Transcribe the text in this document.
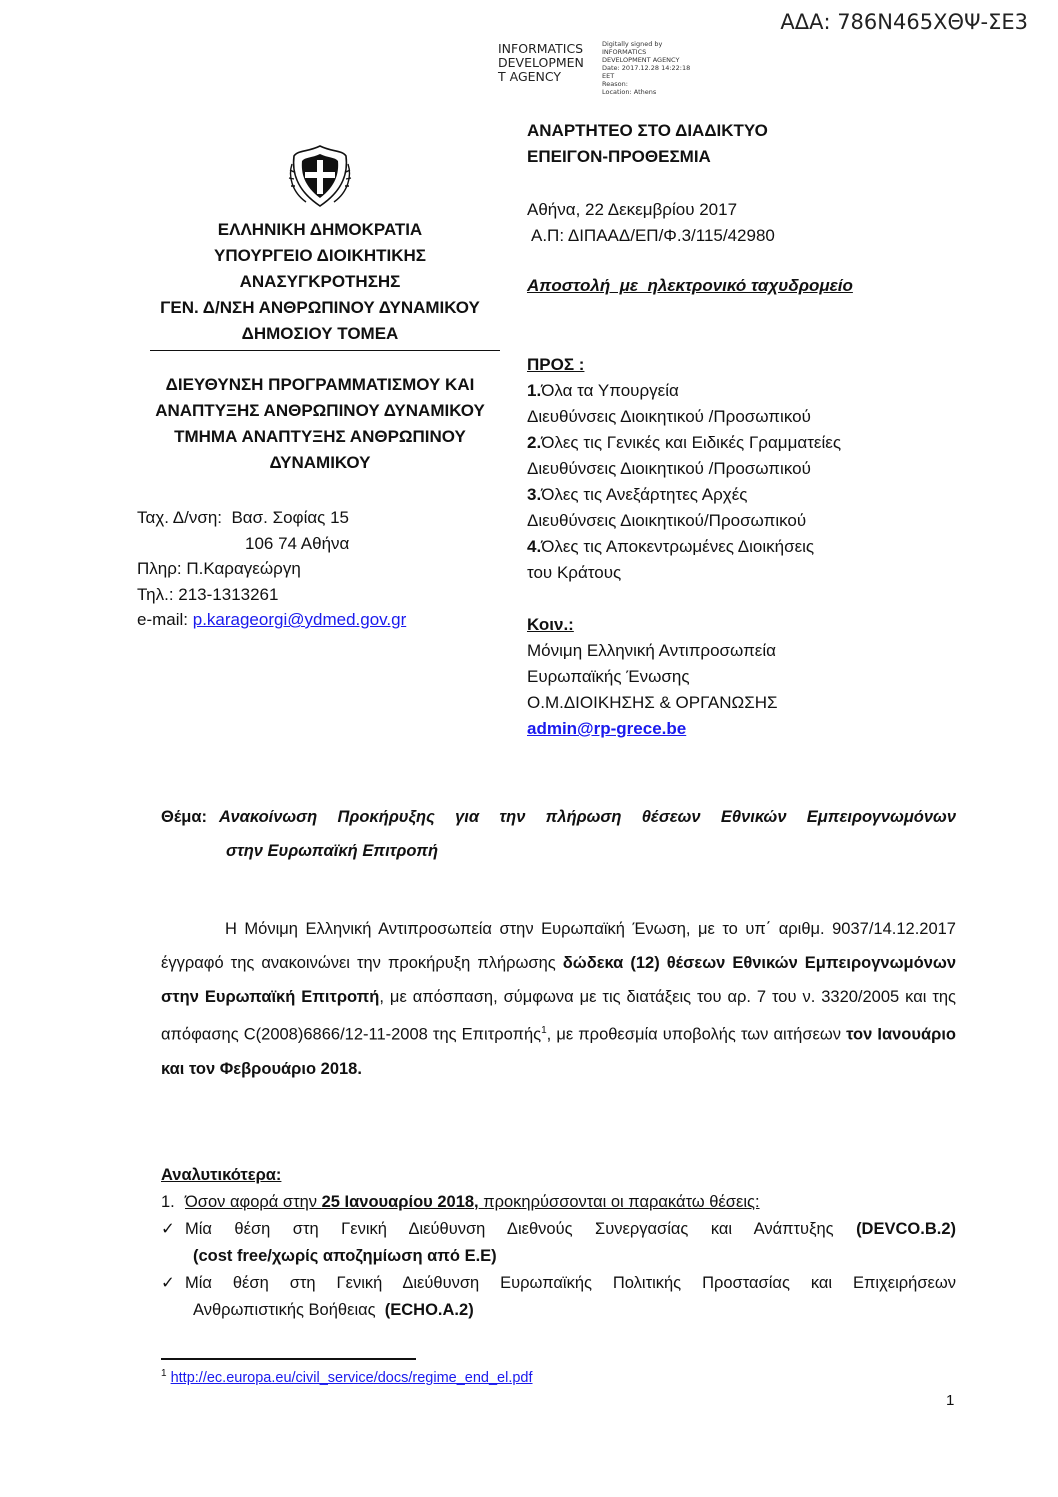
ΑΔΑ: 786Ν465ΧΘΨ-ΣΕ3
INFORMATICS
DEVELOPMEN
T AGENCY
Digitally signed by
INFORMATICS
DEVELOPMENT AGENCY
Date: 2017.12.28 14:22:18
EET
Reason:
Location: Athens
ΕΛΛΗΝΙΚΗ ΔΗΜΟΚΡΑΤΙΑ
ΥΠΟΥΡΓΕΙΟ ΔΙΟΙΚΗΤΙΚΗΣ
ΑΝΑΣΥΓΚΡΟΤΗΣΗΣ
ΓΕΝ. Δ/ΝΣΗ ΑΝΘΡΩΠΙΝΟΥ ΔΥΝΑΜΙΚΟΥ
ΔΗΜΟΣΙΟΥ ΤΟΜΕΑ
ΔΙΕΥΘΥΝΣΗ ΠΡΟΓΡΑΜΜΑΤΙΣΜΟΥ ΚΑΙ
ΑΝΑΠΤΥΞΗΣ ΑΝΘΡΩΠΙΝΟΥ ΔΥΝΑΜΙΚΟΥ
ΤΜΗΜΑ ΑΝΑΠΤΥΞΗΣ ΑΝΘΡΩΠΙΝΟΥ
ΔΥΝΑΜΙΚΟΥ
Ταχ. Δ/νση:  Βασ. Σοφίας 15
106 74 Αθήνα
Πληρ: Π.Καραγεώργη
Τηλ.: 213-1313261
e-mail: p.karageorgi@ydmed.gov.gr
ΑΝΑΡΤΗΤΕΟ ΣΤΟ ΔΙΑΔΙΚΤΥΟ
ΕΠΕΙΓΟΝ-ΠΡΟΘΕΣΜΙΑ
Αθήνα, 22 Δεκεμβρίου 2017
Α.Π: ΔΙΠΑΑΔ/ΕΠ/Φ.3/115/42980
Αποστολή  με  ηλεκτρονικό ταχυδρομείο
ΠΡΟΣ :
1.Όλα τα Υπουργεία
Διευθύνσεις Διοικητικού /Προσωπικού
2.Όλες τις Γενικές και Ειδικές Γραμματείες
Διευθύνσεις Διοικητικού /Προσωπικού
3.Όλες τις Ανεξάρτητες Αρχές
Διευθύνσεις Διοικητικού/Προσωπικού
4.Όλες τις Αποκεντρωμένες Διοικήσεις
του Κράτους
Κοιν.:
Μόνιμη Ελληνική Αντιπροσωπεία
Ευρωπαϊκής Ένωσης
Ο.Μ.ΔΙΟΙΚΗΣΗΣ & ΟΡΓΑΝΩΣΗΣ
admin@rp-grece.be
Θέμα: Ανακοίνωση Προκήρυξης για την πλήρωση θέσεων Εθνικών Εμπειρογνωμόνων
στην Ευρωπαϊκή Επιτροπή
Η Μόνιμη Ελληνική Αντιπροσωπεία στην Ευρωπαϊκή Ένωση, με το υπ΄ αριθμ. 9037/14.12.2017 έγγραφό της ανακοινώνει την προκήρυξη πλήρωσης δώδεκα (12) θέσεων Εθνικών Εμπειρογνωμόνων στην Ευρωπαϊκή Επιτροπή, με απόσπαση, σύμφωνα με τις διατάξεις του αρ. 7 του ν. 3320/2005 και της απόφασης C(2008)6866/12-11-2008 της Επιτροπής$^1$, με προθεσμία υποβολής των αιτήσεων τον Ιανουάριο και τον Φεβρουάριο 2018.
Αναλυτικότερα:
1. Όσον αφορά στην 25 Ιανουαρίου 2018, προκηρύσσονται οι παρακάτω θέσεις:
✓ Μία θέση στη Γενική Διεύθυνση Διεθνούς Συνεργασίας και Ανάπτυξης (DEVCO.B.2)
(cost free/χωρίς αποζημίωση από Ε.Ε)
✓ Μία θέση στη Γενική Διεύθυνση Ευρωπαϊκής Πολιτικής Προστασίας και Επιχειρήσεων
Ανθρωπιστικής Βοήθειας  (ECHO.A.2)
$^1$ http://ec.europa.eu/civil_service/docs/regime_end_el.pdf
1
